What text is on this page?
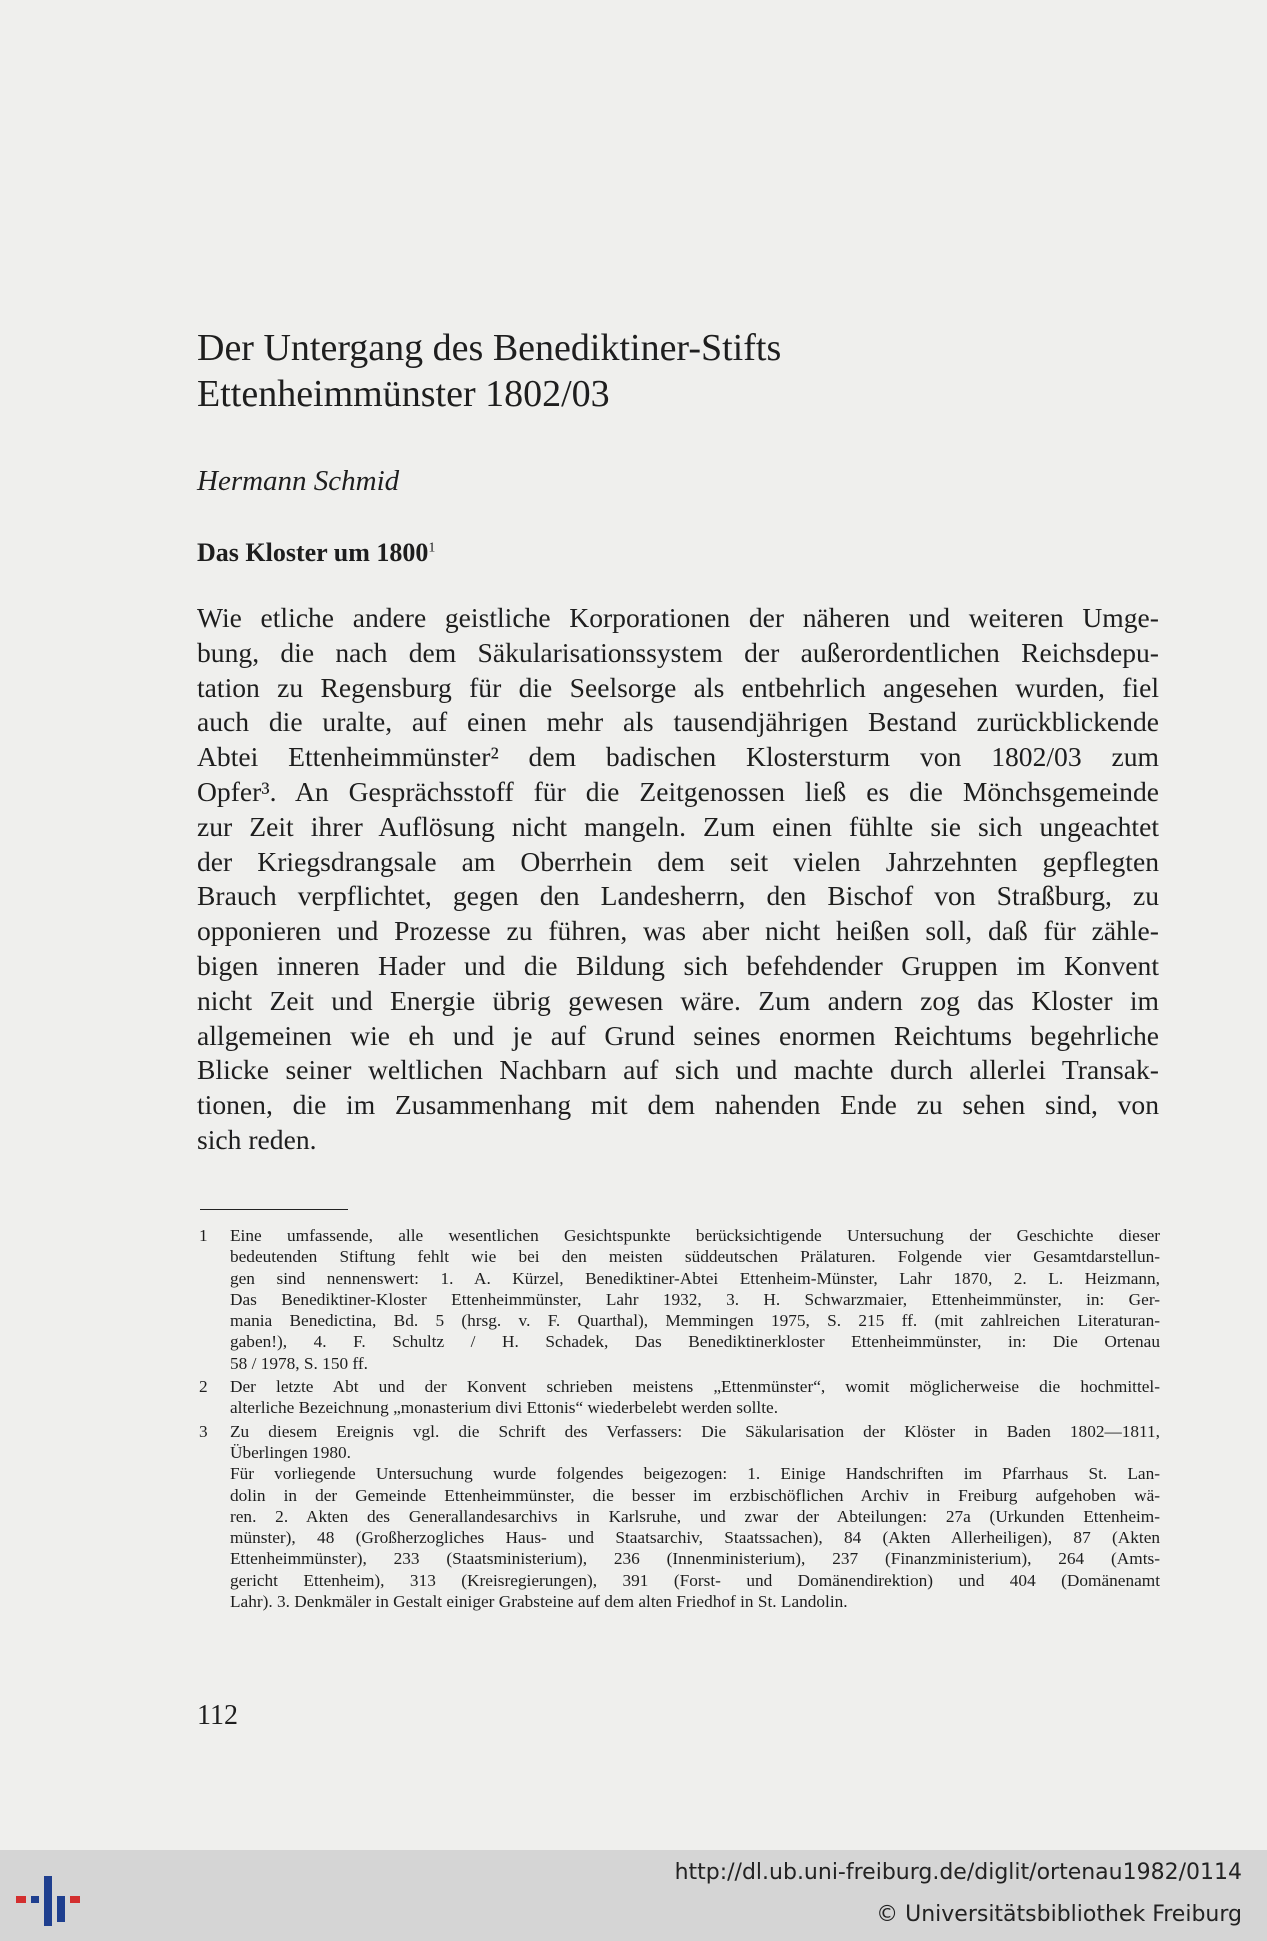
Der Untergang des Benediktiner-Stifts
Ettenheimmünster 1802/03
Hermann Schmid
Das Kloster um 1800$^1$
Wie etliche andere geistliche Korporationen der näheren und weiteren Umge-
bung, die nach dem Säkularisationssystem der außerordentlichen Reichsdepu-
tation zu Regensburg für die Seelsorge als entbehrlich angesehen wurden, fiel
auch die uralte, auf einen mehr als tausendjährigen Bestand zurückblickende
Abtei Ettenheimmünster² dem badischen Klostersturm von 1802/03 zum
Opfer³. An Gesprächsstoff für die Zeitgenossen ließ es die Mönchsgemeinde
zur Zeit ihrer Auflösung nicht mangeln. Zum einen fühlte sie sich ungeachtet
der Kriegsdrangsale am Oberrhein dem seit vielen Jahrzehnten gepflegten
Brauch verpflichtet, gegen den Landesherrn, den Bischof von Straßburg, zu
opponieren und Prozesse zu führen, was aber nicht heißen soll, daß für zähle-
bigen inneren Hader und die Bildung sich befehdender Gruppen im Konvent
nicht Zeit und Energie übrig gewesen wäre. Zum andern zog das Kloster im
allgemeinen wie eh und je auf Grund seines enormen Reichtums begehrliche
Blicke seiner weltlichen Nachbarn auf sich und machte durch allerlei Transak-
tionen, die im Zusammenhang mit dem nahenden Ende zu sehen sind, von
sich reden.
1 Eine umfassende, alle wesentlichen Gesichtspunkte berücksichtigende Untersuchung der Geschichte dieser
bedeutenden Stiftung fehlt wie bei den meisten süddeutschen Prälaturen. Folgende vier Gesamtdarstellun-
gen sind nennenswert: 1. A. Kürzel, Benediktiner-Abtei Ettenheim-Münster, Lahr 1870, 2. L. Heizmann,
Das Benediktiner-Kloster Ettenheimmünster, Lahr 1932, 3. H. Schwarzmaier, Ettenheimmünster, in: Ger-
mania Benedictina, Bd. 5 (hrsg. v. F. Quarthal), Memmingen 1975, S. 215 ff. (mit zahlreichen Literaturan-
gaben!), 4. F. Schultz / H. Schadek, Das Benediktinerkloster Ettenheimmünster, in: Die Ortenau
58 / 1978, S. 150 ff.
2 Der letzte Abt und der Konvent schrieben meistens „Ettenmünster“, womit möglicherweise die hochmittel-
alterliche Bezeichnung „monasterium divi Ettonis“ wiederbelebt werden sollte.
3 Zu diesem Ereignis vgl. die Schrift des Verfassers: Die Säkularisation der Klöster in Baden 1802—1811,
Überlingen 1980.
Für vorliegende Untersuchung wurde folgendes beigezogen: 1. Einige Handschriften im Pfarrhaus St. Lan-
dolin in der Gemeinde Ettenheimmünster, die besser im erzbischöflichen Archiv in Freiburg aufgehoben wä-
ren. 2. Akten des Generallandesarchivs in Karlsruhe, und zwar der Abteilungen: 27a (Urkunden Ettenheim-
münster), 48 (Großherzogliches Haus- und Staatsarchiv, Staatssachen), 84 (Akten Allerheiligen), 87 (Akten
Ettenheimmünster), 233 (Staatsministerium), 236 (Innenministerium), 237 (Finanzministerium), 264 (Amts-
gericht Ettenheim), 313 (Kreisregierungen), 391 (Forst- und Domänendirektion) und 404 (Domänenamt
Lahr). 3. Denkmäler in Gestalt einiger Grabsteine auf dem alten Friedhof in St. Landolin.
112
http://dl.ub.uni-freiburg.de/diglit/ortenau1982/0114
© Universitätsbibliothek Freiburg
